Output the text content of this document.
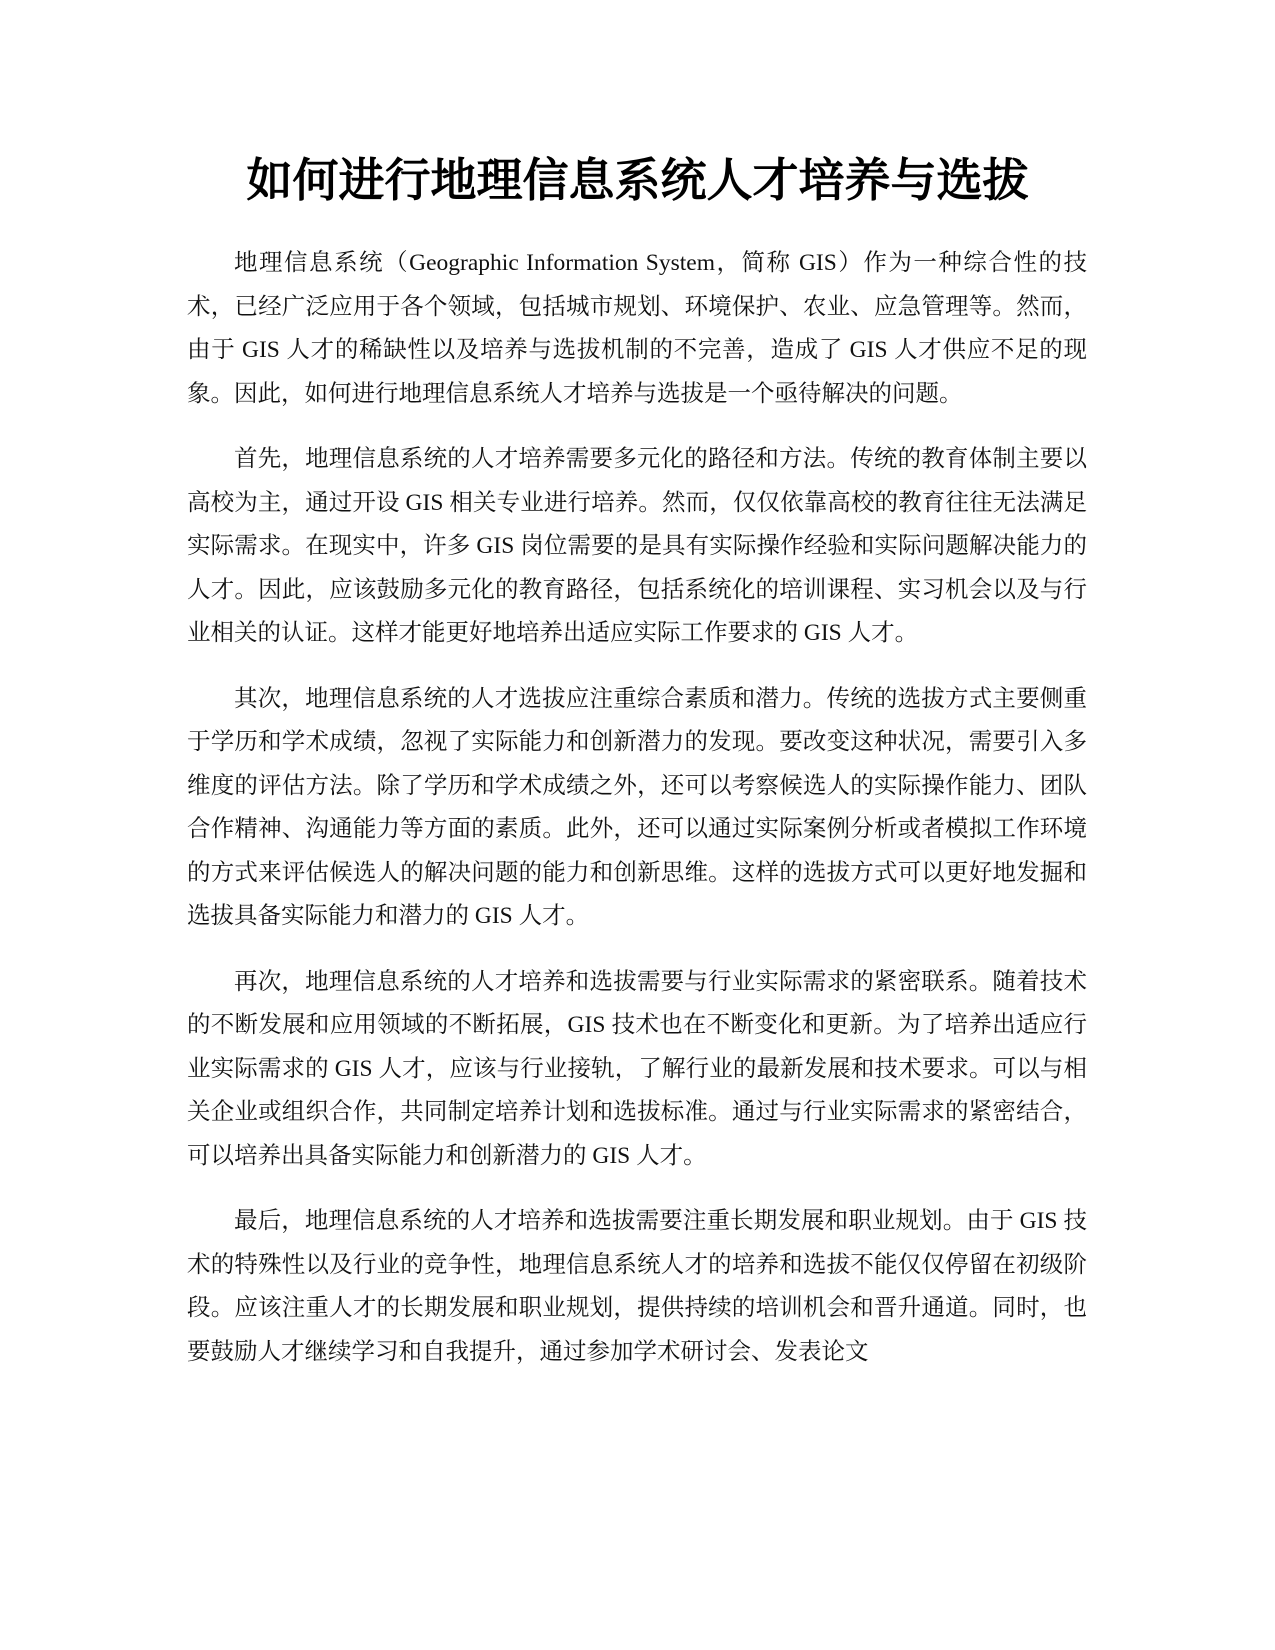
如何进行地理信息系统人才培养与选拔

地理信息系统（Geographic Information System，简称 GIS）作为一种综合性的技术，已经广泛应用于各个领域，包括城市规划、环境保护、农业、应急管理等。然而，由于 GIS 人才的稀缺性以及培养与选拔机制的不完善，造成了 GIS 人才供应不足的现象。因此，如何进行地理信息系统人才培养与选拔是一个亟待解决的问题。

首先，地理信息系统的人才培养需要多元化的路径和方法。传统的教育体制主要以高校为主，通过开设 GIS 相关专业进行培养。然而，仅仅依靠高校的教育往往无法满足实际需求。在现实中，许多 GIS 岗位需要的是具有实际操作经验和实际问题解决能力的人才。因此，应该鼓励多元化的教育路径，包括系统化的培训课程、实习机会以及与行业相关的认证。这样才能更好地培养出适应实际工作要求的 GIS 人才。

其次，地理信息系统的人才选拔应注重综合素质和潜力。传统的选拔方式主要侧重于学历和学术成绩，忽视了实际能力和创新潜力的发现。要改变这种状况，需要引入多维度的评估方法。除了学历和学术成绩之外，还可以考察候选人的实际操作能力、团队合作精神、沟通能力等方面的素质。此外，还可以通过实际案例分析或者模拟工作环境的方式来评估候选人的解决问题的能力和创新思维。这样的选拔方式可以更好地发掘和选拔具备实际能力和潜力的 GIS 人才。

再次，地理信息系统的人才培养和选拔需要与行业实际需求的紧密联系。随着技术的不断发展和应用领域的不断拓展，GIS 技术也在不断变化和更新。为了培养出适应行业实际需求的 GIS 人才，应该与行业接轨，了解行业的最新发展和技术要求。可以与相关企业或组织合作，共同制定培养计划和选拔标准。通过与行业实际需求的紧密结合，可以培养出具备实际能力和创新潜力的 GIS 人才。

最后，地理信息系统的人才培养和选拔需要注重长期发展和职业规划。由于 GIS 技术的特殊性以及行业的竞争性，地理信息系统人才的培养和选拔不能仅仅停留在初级阶段。应该注重人才的长期发展和职业规划，提供持续的培训机会和晋升通道。同时，也要鼓励人才继续学习和自我提升，通过参加学术研讨会、发表论文
